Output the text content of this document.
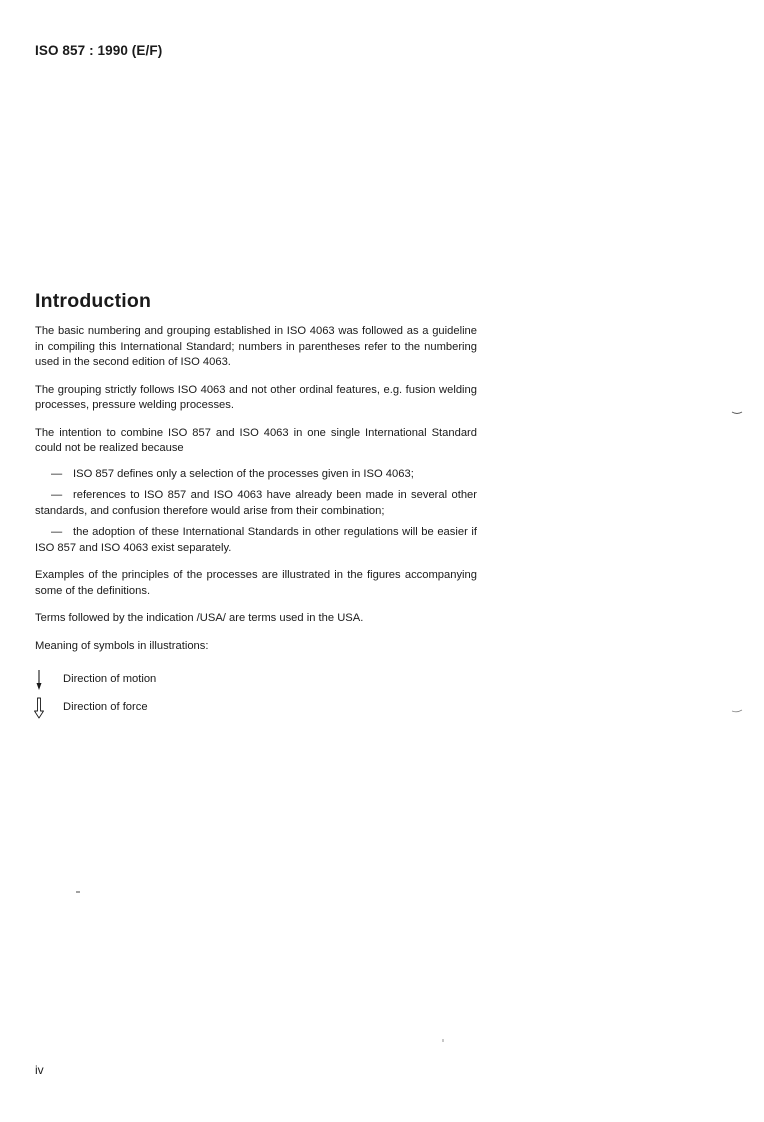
ISO 857 : 1990 (E/F)
Introduction

The basic numbering and grouping established in ISO 4063 was followed as a guideline in compiling this International Standard; numbers in parentheses refer to the numbering used in the second edition of ISO 4063.

The grouping strictly follows ISO 4063 and not other ordinal features, e.g. fusion welding processes, pressure welding processes.

The intention to combine ISO 857 and ISO 4063 in one single International Standard could not be realized because

— ISO 857 defines only a selection of the processes given in ISO 4063;
— references to ISO 857 and ISO 4063 have already been made in several other standards, and confusion therefore would arise from their combination;
— the adoption of these International Standards in other regulations will be easier if ISO 857 and ISO 4063 exist separately.

Examples of the principles of the processes are illustrated in the figures accompanying some of the definitions.

Terms followed by the indication /USA/ are terms used in the USA.

Meaning of symbols in illustrations:

Direction of motion
Direction of force
iv
